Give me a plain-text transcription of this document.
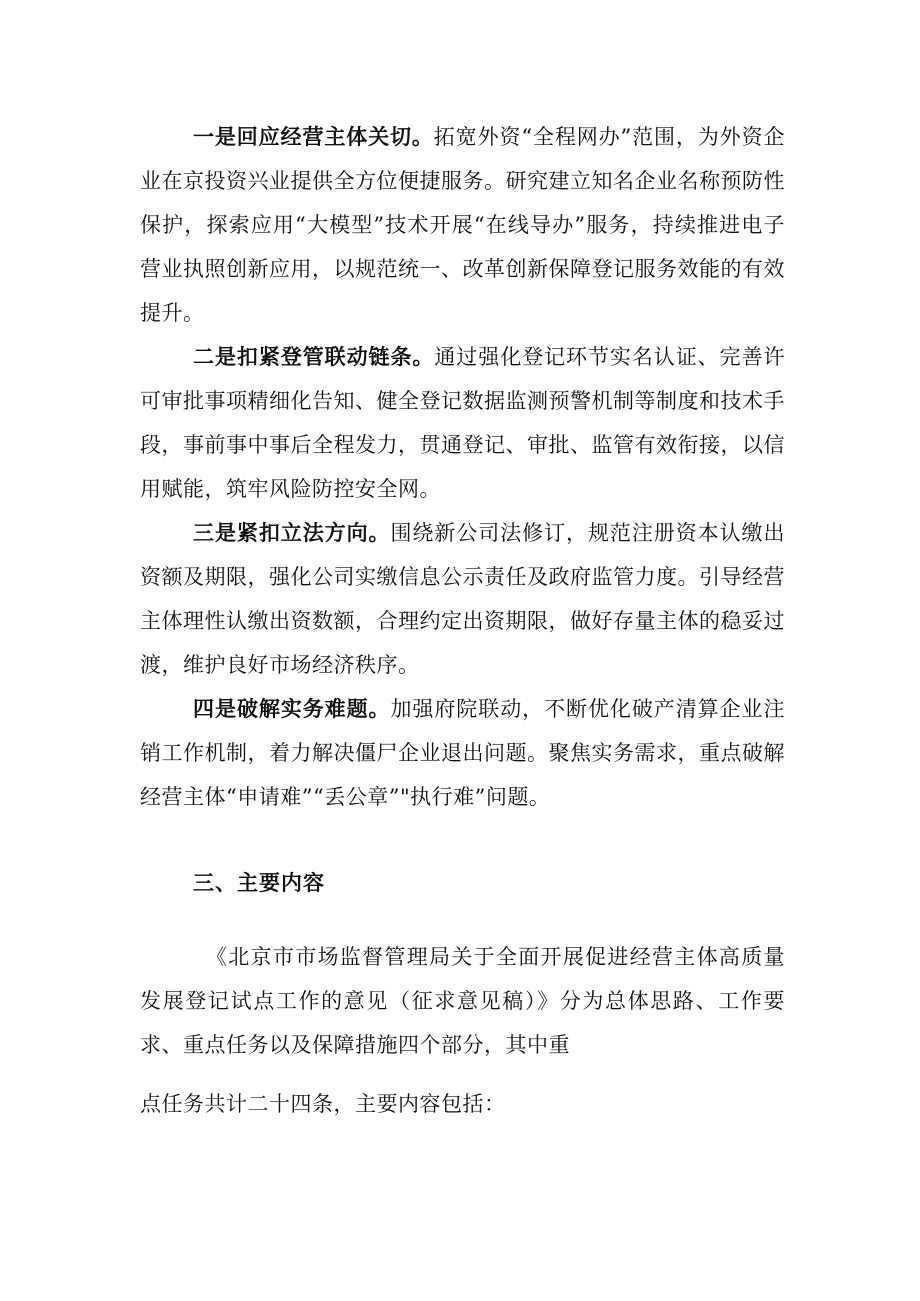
一是回应经营主体关切。拓宽外资“全程网办”范围，为外资企业在京投资兴业提供全方位便捷服务。研究建立知名企业名称预防性保护，探索应用“大模型”技术开展“在线导办”服务，持续推进电子营业执照创新应用，以规范统一、改革创新保障登记服务效能的有效提升。

二是扣紧登管联动链条。通过强化登记环节实名认证、完善许可审批事项精细化告知、健全登记数据监测预警机制等制度和技术手段，事前事中事后全程发力，贯通登记、审批、监管有效衔接，以信用赋能，筑牢风险防控安全网。

三是紧扣立法方向。围绕新公司法修订，规范注册资本认缴出资额及期限，强化公司实缴信息公示责任及政府监管力度。引导经营主体理性认缴出资数额，合理约定出资期限，做好存量主体的稳妥过渡，维护良好市场经济秩序。

四是破解实务难题。加强府院联动，不断优化破产清算企业注销工作机制，着力解决僵尸企业退出问题。聚焦实务需求，重点破解经营主体“申请难”“丢公章”"执行难”问题。

三、主要内容

《北京市市场监督管理局关于全面开展促进经营主体高质量发展登记试点工作的意见（征求意见稿）》分为总体思路、工作要求、重点任务以及保障措施四个部分，其中重

点任务共计二十四条，主要内容包括：
